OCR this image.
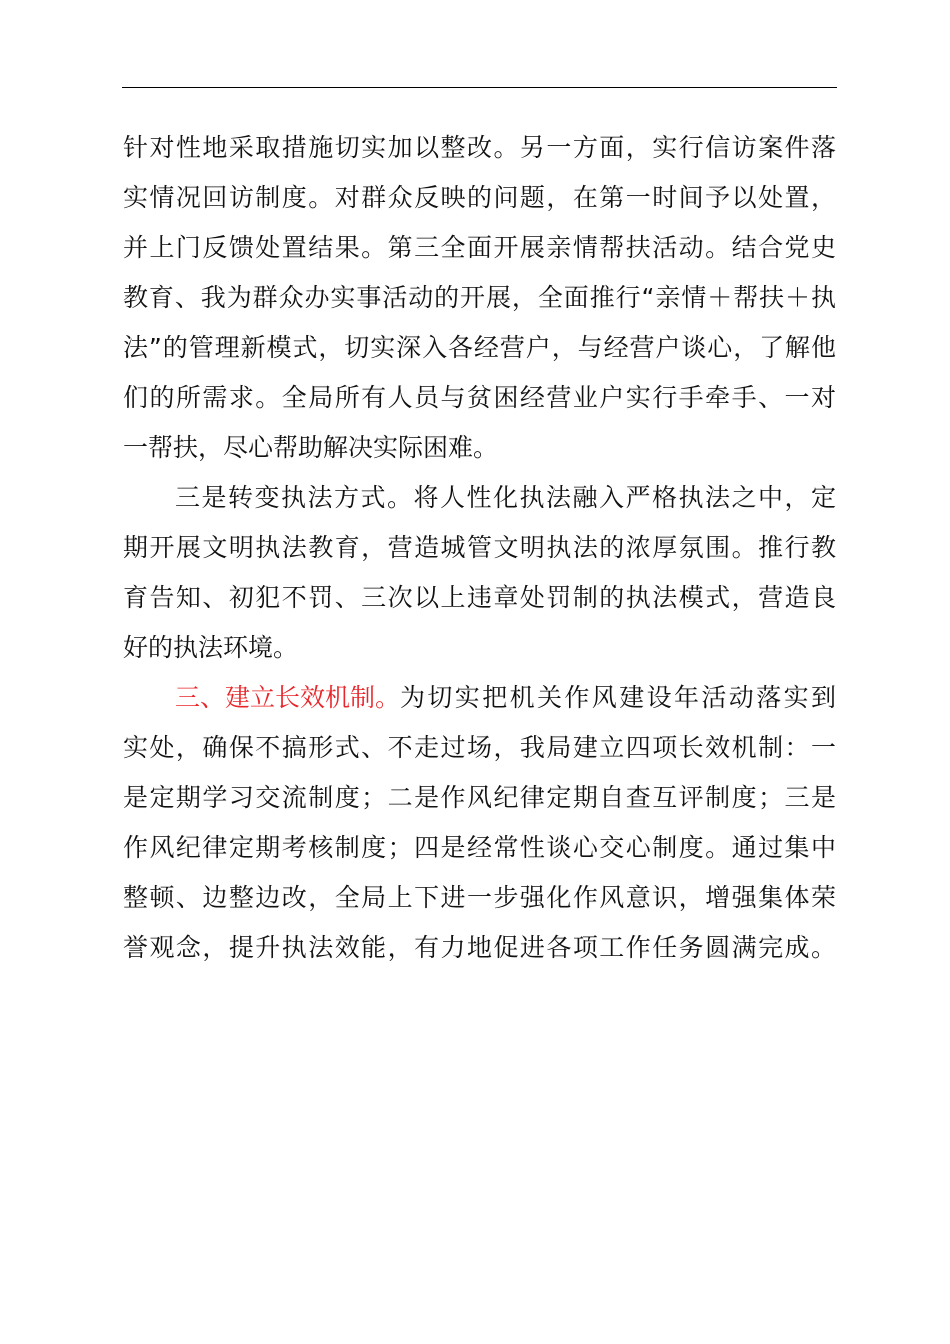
针对性地采取措施切实加以整改。另一方面，实行信访案件落
实情况回访制度。对群众反映的问题，在第一时间予以处置，
并上门反馈处置结果。第三全面开展亲情帮扶活动。结合党史
教育、我为群众办实事活动的开展，全面推行“亲情＋帮扶＋执
法”的管理新模式，切实深入各经营户，与经营户谈心，了解他
们的所需求。全局所有人员与贫困经营业户实行手牵手、一对
一帮扶，尽心帮助解决实际困难。
三是转变执法方式。将人性化执法融入严格执法之中，定
期开展文明执法教育，营造城管文明执法的浓厚氛围。推行教
育告知、初犯不罚、三次以上违章处罚制的执法模式，营造良
好的执法环境。
三、建立长效机制。 为切实把机关作风建设年活动落实到
实处，确保不搞形式、不走过场，我局建立四项长效机制：一
是定期学习交流制度；二是作风纪律定期自查互评制度；三是
作风纪律定期考核制度；四是经常性谈心交心制度。通过集中
整顿、边整边改，全局上下进一步强化作风意识，增强集体荣
誉观念，提升执法效能，有力地促进各项工作任务圆满完成。
